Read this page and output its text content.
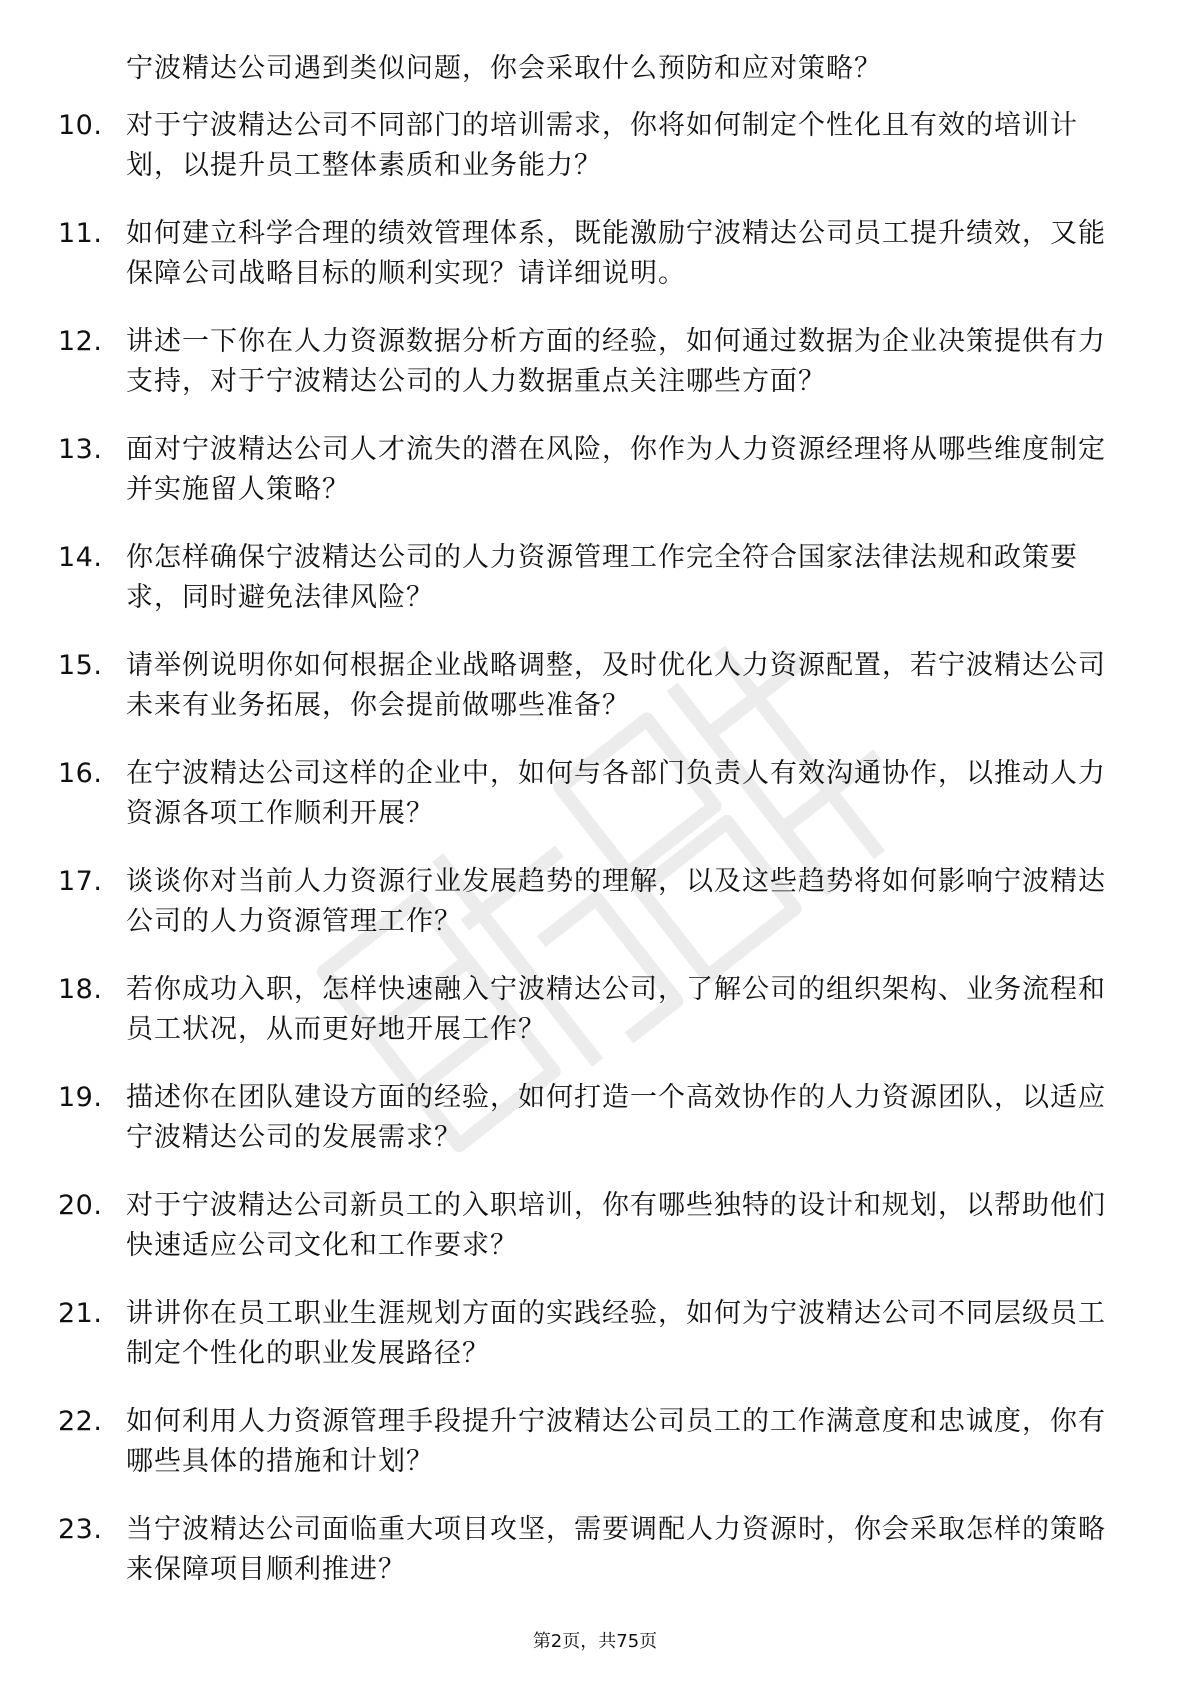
宁波精达公司遇到类似问题，你会采取什么预防和应对策略？

10. 对于宁波精达公司不同部门的培训需求，你将如何制定个性化且有效的培训计划，以提升员工整体素质和业务能力？
11. 如何建立科学合理的绩效管理体系，既能激励宁波精达公司员工提升绩效，又能保障公司战略目标的顺利实现？请详细说明。
12. 讲述一下你在人力资源数据分析方面的经验，如何通过数据为企业决策提供有力支持，对于宁波精达公司的人力数据重点关注哪些方面？
13. 面对宁波精达公司人才流失的潜在风险，你作为人力资源经理将从哪些维度制定并实施留人策略？
14. 你怎样确保宁波精达公司的人力资源管理工作完全符合国家法律法规和政策要求，同时避免法律风险？
15. 请举例说明你如何根据企业战略调整，及时优化人力资源配置，若宁波精达公司未来有业务拓展，你会提前做哪些准备？
16. 在宁波精达公司这样的企业中，如何与各部门负责人有效沟通协作，以推动人力资源各项工作顺利开展？
17. 谈谈你对当前人力资源行业发展趋势的理解，以及这些趋势将如何影响宁波精达公司的人力资源管理工作？
18. 若你成功入职，怎样快速融入宁波精达公司，了解公司的组织架构、业务流程和员工状况，从而更好地开展工作？
19. 描述你在团队建设方面的经验，如何打造一个高效协作的人力资源团队，以适应宁波精达公司的发展需求？
20. 对于宁波精达公司新员工的入职培训，你有哪些独特的设计和规划，以帮助他们快速适应公司文化和工作要求？
21. 讲讲你在员工职业生涯规划方面的实践经验，如何为宁波精达公司不同层级员工制定个性化的职业发展路径？
22. 如何利用人力资源管理手段提升宁波精达公司员工的工作满意度和忠诚度，你有哪些具体的措施和计划？
23. 当宁波精达公司面临重大项目攻坚，需要调配人力资源时，你会采取怎样的策略来保障项目顺利推进？
第2页，共75页
